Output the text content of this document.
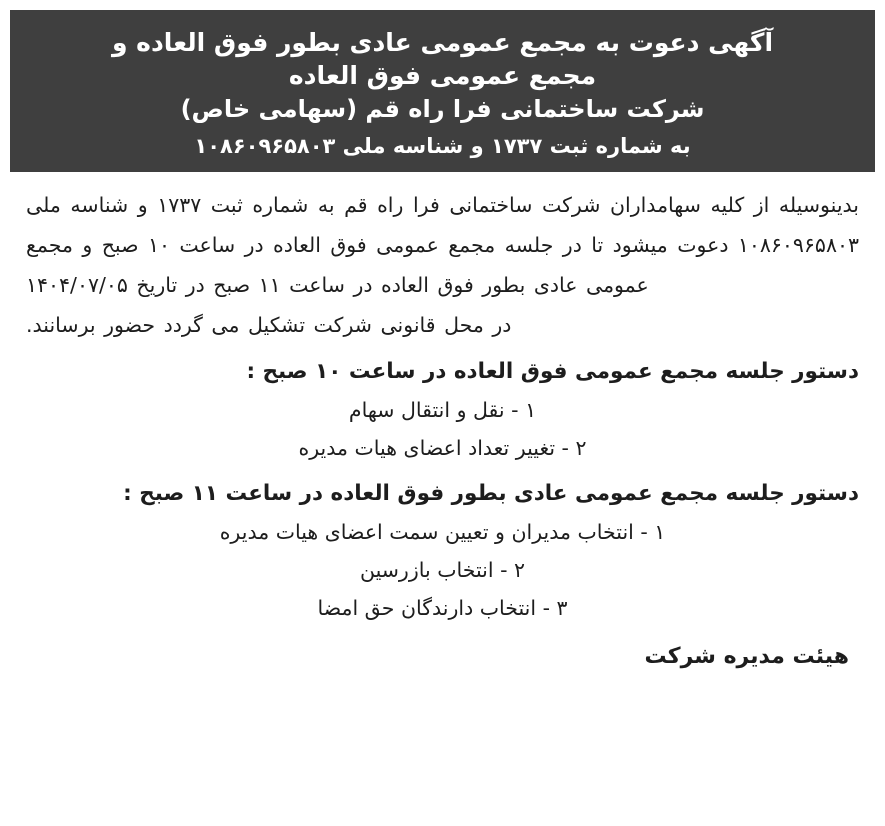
آگهی دعوت به مجمع عمومی عادی بطور فوق العاده و
مجمع عمومی فوق العاده
شرکت ساختمانی فرا راه قم (سهامی خاص)
به شماره ثبت ۱۷۳۷ و شناسه ملی ۱۰۸۶۰۹۶۵۸۰۳
بدینوسیله از کلیه سهامداران شرکت ساختمانی فرا راه قم به شماره ثبت ۱۷۳۷ و شناسه ملی ۱۰۸۶۰۹۶۵۸۰۳ دعوت میشود تا در جلسه مجمع عمومی فوق العاده در ساعت ۱۰ صبح و مجمع عمومی عادی بطور فوق العاده در ساعت ۱۱ صبح در تاریخ ۱۴۰۴/۰۷/۰۵
در محل قانونی شرکت تشکیل می گردد حضور برسانند.
دستور جلسه مجمع عمومی فوق العاده در ساعت ۱۰ صبح :
۱ - نقل و انتقال سهام
۲ - تغییر تعداد اعضای هیات مدیره
دستور جلسه مجمع عمومی عادی بطور فوق العاده در ساعت ۱۱ صبح :
۱ - انتخاب مدیران و تعیین سمت اعضای هیات مدیره
۲ - انتخاب بازرسین
۳ - انتخاب دارندگان حق امضا
هیئت مدیره شرکت
